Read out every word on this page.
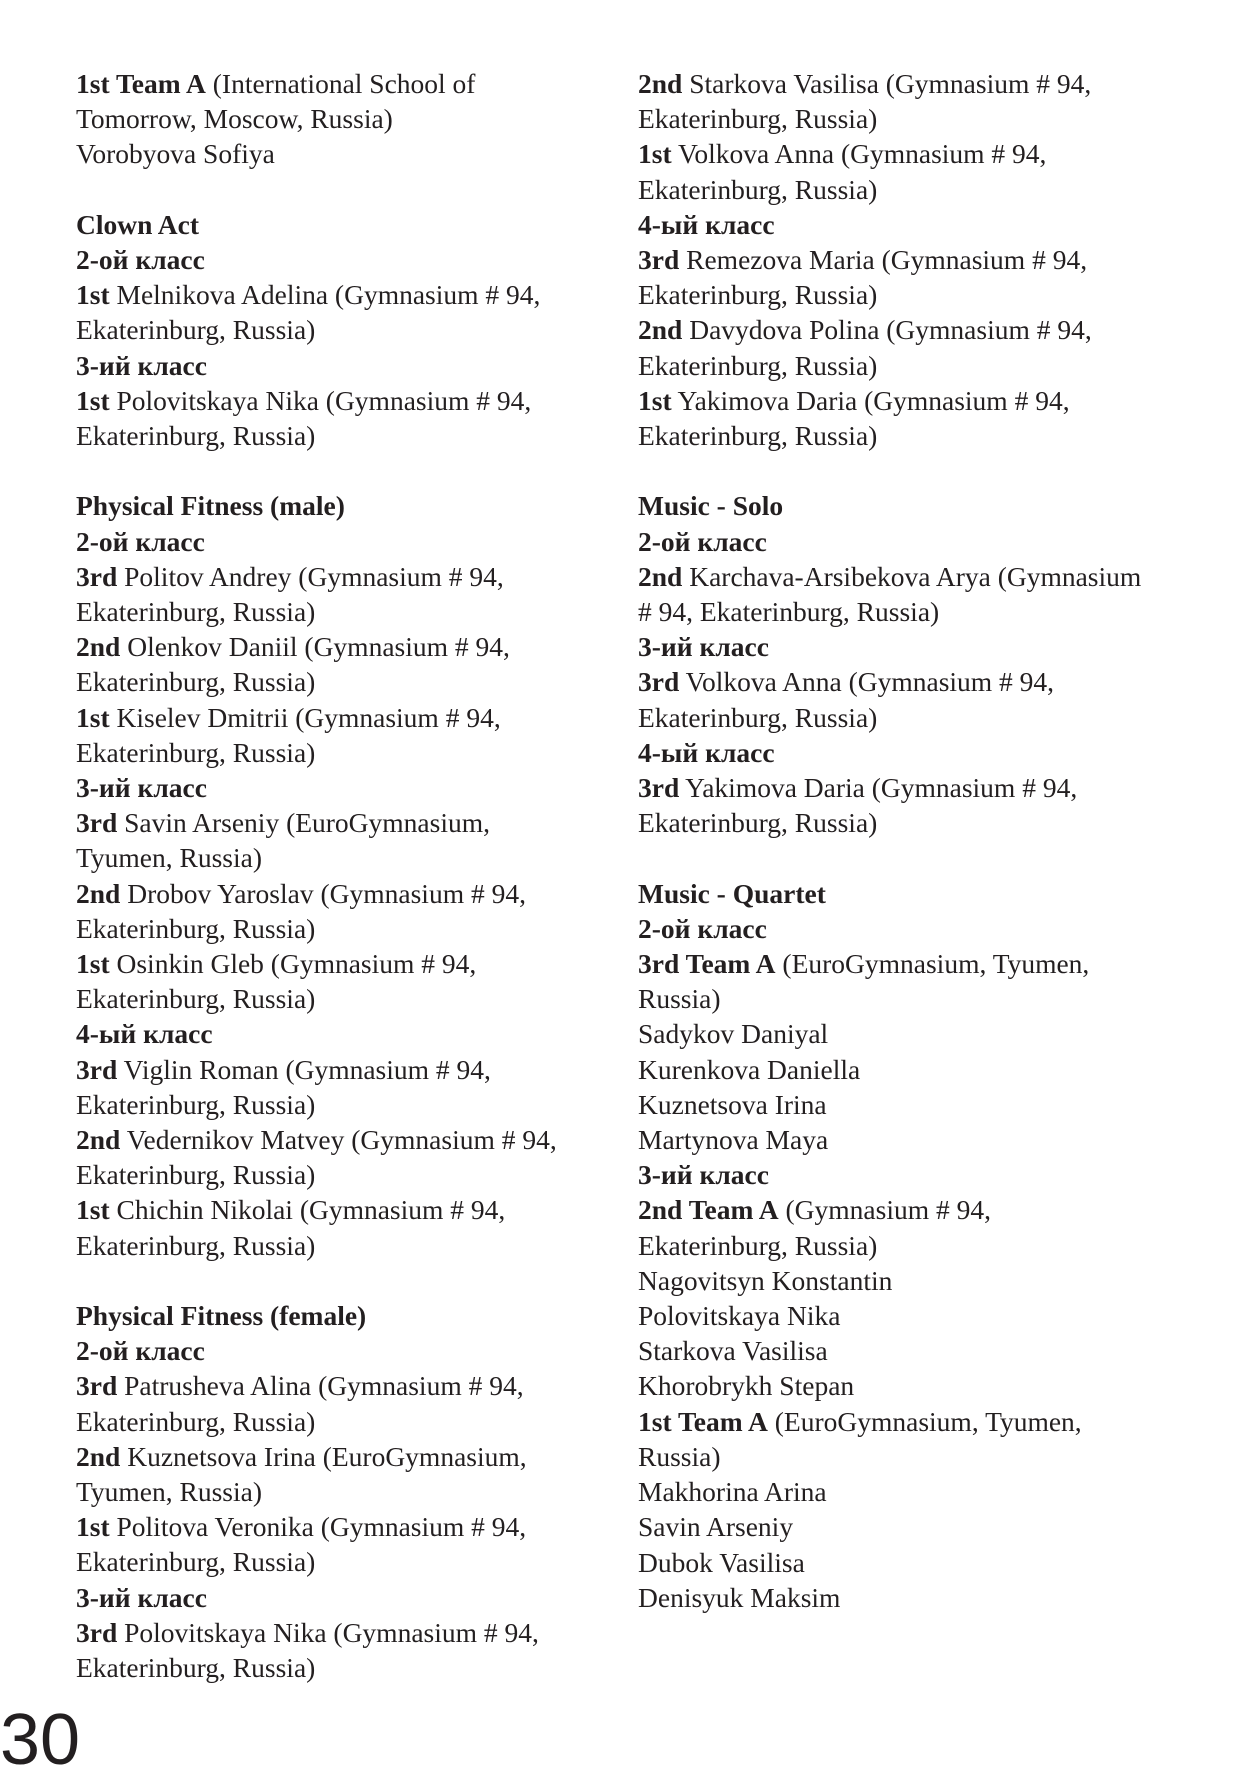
1st Team A (International School of
Tomorrow, Moscow, Russia)
Vorobyova Sofiya
Clown Act
2-ой класс
1st Melnikova Adelina (Gymnasium # 94,
Ekaterinburg, Russia)
3-ий класс
1st Polovitskaya Nika (Gymnasium # 94,
Ekaterinburg, Russia)
Physical Fitness (male)
2-ой класс
3rd Politov Andrey (Gymnasium # 94,
Ekaterinburg, Russia)
2nd Olenkov Daniil (Gymnasium # 94,
Ekaterinburg, Russia)
1st Kiselev Dmitrii (Gymnasium # 94,
Ekaterinburg, Russia)
3-ий класс
3rd Savin Arseniy (EuroGymnasium,
Tyumen, Russia)
2nd Drobov Yaroslav (Gymnasium # 94,
Ekaterinburg, Russia)
1st Osinkin Gleb (Gymnasium # 94,
Ekaterinburg, Russia)
4-ый класс
3rd Viglin Roman (Gymnasium # 94,
Ekaterinburg, Russia)
2nd Vedernikov Matvey (Gymnasium # 94,
Ekaterinburg, Russia)
1st Chichin Nikolai (Gymnasium # 94,
Ekaterinburg, Russia)
Physical Fitness (female)
2-ой класс
3rd Patrusheva Alina (Gymnasium # 94,
Ekaterinburg, Russia)
2nd Kuznetsova Irina (EuroGymnasium,
Tyumen, Russia)
1st Politova Veronika (Gymnasium # 94,
Ekaterinburg, Russia)
3-ий класс
3rd Polovitskaya Nika (Gymnasium # 94,
Ekaterinburg, Russia)
2nd Starkova Vasilisa (Gymnasium # 94,
Ekaterinburg, Russia)
1st Volkova Anna (Gymnasium # 94,
Ekaterinburg, Russia)
4-ый класс
3rd Remezova Maria (Gymnasium # 94,
Ekaterinburg, Russia)
2nd Davydova Polina (Gymnasium # 94,
Ekaterinburg, Russia)
1st Yakimova Daria (Gymnasium # 94,
Ekaterinburg, Russia)
Music - Solo
2-ой класс
2nd Karchava-Arsibekova Arya (Gymnasium
# 94, Ekaterinburg, Russia)
3-ий класс
3rd Volkova Anna (Gymnasium # 94,
Ekaterinburg, Russia)
4-ый класс
3rd Yakimova Daria (Gymnasium # 94,
Ekaterinburg, Russia)
Music - Quartet
2-ой класс
3rd Team A (EuroGymnasium, Tyumen,
Russia)
Sadykov Daniyal
Kurenkova Daniella
Kuznetsova Irina
Martynova Maya
3-ий класс
2nd Team A (Gymnasium # 94,
Ekaterinburg, Russia)
Nagovitsyn Konstantin
Polovitskaya Nika
Starkova Vasilisa
Khorobrykh Stepan
1st Team A (EuroGymnasium, Tyumen,
Russia)
Makhorina Arina
Savin Arseniy
Dubok Vasilisa
Denisyuk Maksim
30
